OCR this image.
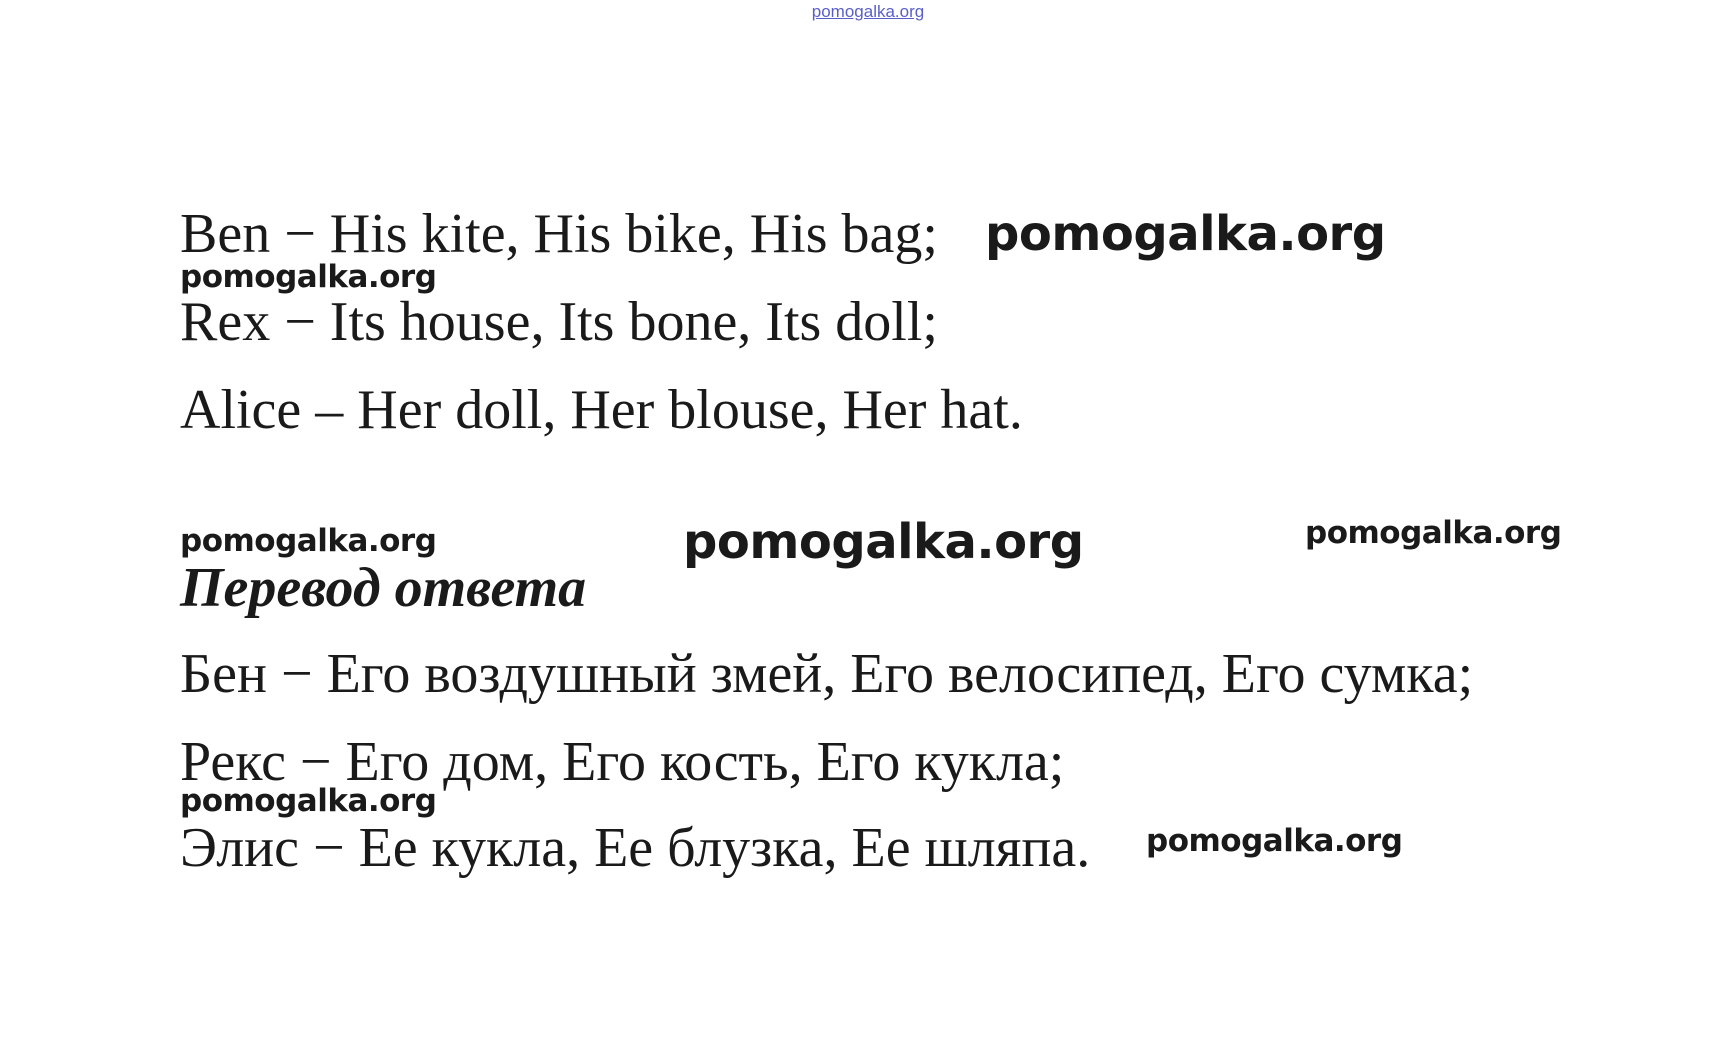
pomogalka.org
Ben − His kite, His bike, His bag; pomogalka.org
pomogalka.org
Rex − Its house, Its bone, Its doll;
Alice – Her doll, Her blouse, Her hat.
pomogalka.org	pomogalka.org	pomogalka.org
Перевод ответа
Бен − Его воздушный змей, Его велосипед, Его сумка;
Рекс − Его дом, Его кость, Его кукла;
pomogalka.org
Элис − Ее кукла, Ее блузка, Ее шляпа. pomogalka.org
